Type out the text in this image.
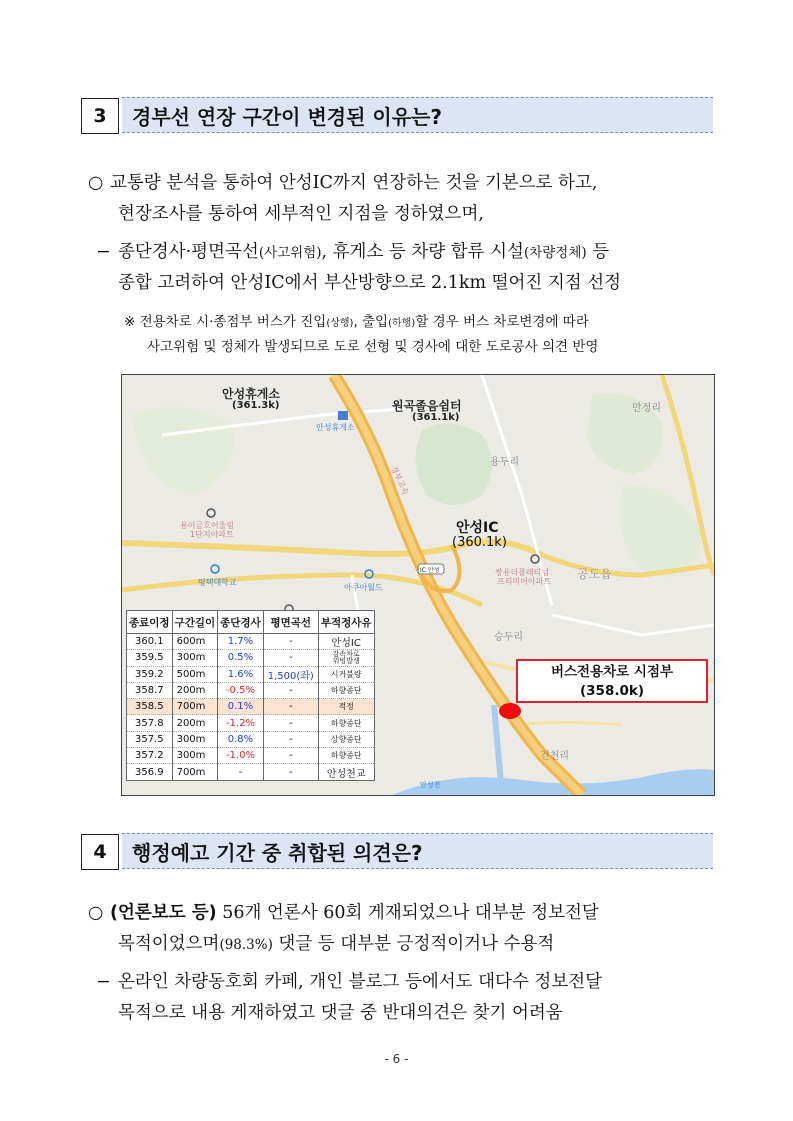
3	경부선 연장 구간이 변경된 이유는?
○ 교통량 분석을 통하여 안성IC까지 연장하는 것을 기본으로 하고,
현장조사를 통하여 세부적인 지점을 정하였으며,
− 종단경사·평면곡선(사고위험), 휴게소 등 차량 합류 시설(차량정체) 등
종합 고려하여 안성IC에서 부산방향으로 2.1km 떨어진 지점 선정
※ 전용차로 시·종점부 버스가 진입(상행), 출입(하행)할 경우 버스 차로변경에 따라
사고위험 및 정체가 발생되므로 도로 선형 및 경사에 대한 도로공사 의견 반영
안성휴게소
(361.3k)
안성휴게소
원곡졸음쉼터
(361.1k)
만정리
용두리
경부고속
용이금호어울림
1단지아파트	안성IC
(360.1k)
IC 안성	쌍용더플래티넘
프리미어아파트
공도읍
평택대학교
아쿠아월드
승두리
건천리
안성천
종료이정	구간길이	종단경사	평면곡선	부적정사유
360.1	600m	1.7%	-	안성IC
359.5	300m	0.5%	-	감속차로
위빙발생

359.2	500m	1.6%	1,500(좌)	시거불량
358.7	200m	-0.5%	-	하향종단
358.5	700m	0.1%	-	적정
357.8	200m	-1.2%	-	하향종단
357.5	300m	0.8%	-	상향종단
357.2	300m	-1.0%	-	하향종단
356.9	700m	-	-	안성천교
버스전용차로 시점부
(358.0k)
4	행정예고 기간 중 취합된 의견은?
○ (언론보도 등) 56개 언론사 60회 게재되었으나 대부분 정보전달
목적이었으며(98.3%) 댓글 등 대부분 긍정적이거나 수용적
− 온라인 차량동호회 카페, 개인 블로그 등에서도 대다수 정보전달
목적으로 내용 게재하였고 댓글 중 반대의견은 찾기 어려움
- 6 -
